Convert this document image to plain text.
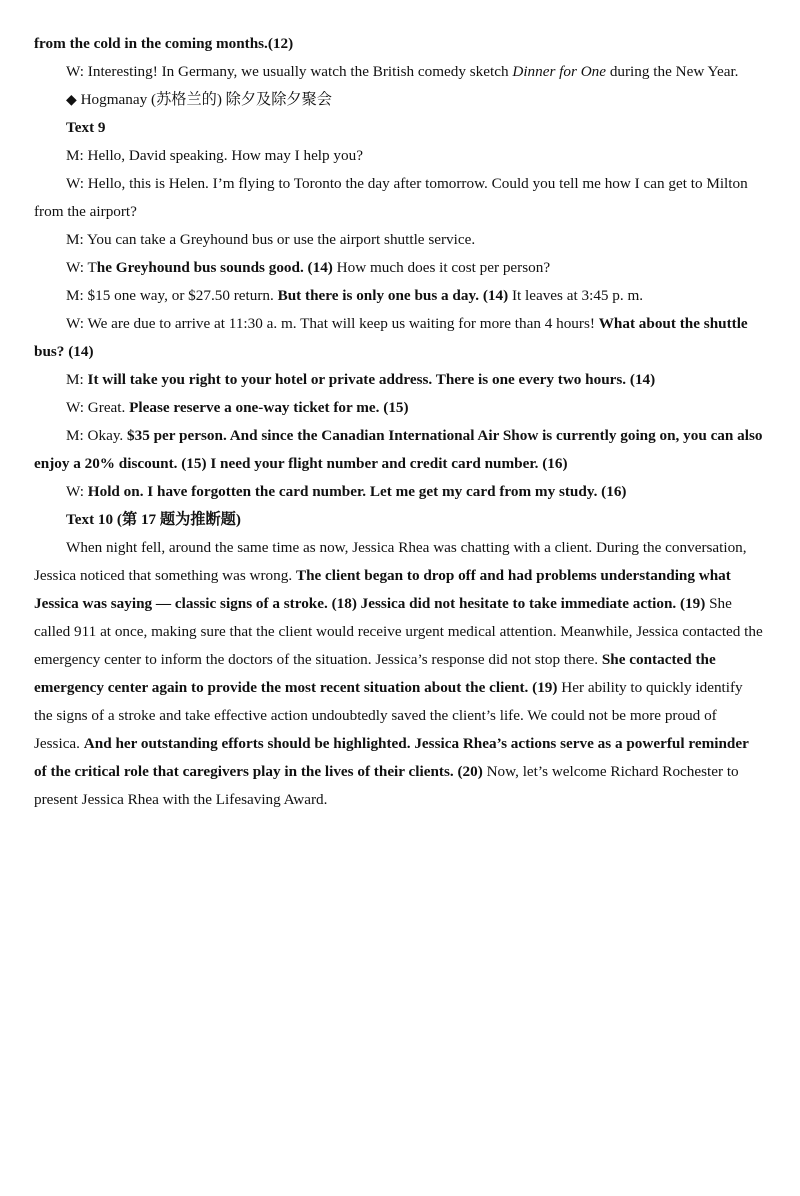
from the cold in the coming months.(12)

W: Interesting! In Germany, we usually watch the British comedy sketch Dinner for One during the New Year.

◆ Hogmanay (苏格兰的) 除夕及除夕聚会

Text 9

M: Hello, David speaking. How may I help you?

W: Hello, this is Helen. I’m flying to Toronto the day after tomorrow. Could you tell me how I can get to Milton from the airport?

M: You can take a Greyhound bus or use the airport shuttle service.

W: The Greyhound bus sounds good. (14) How much does it cost per person?

M: $15 one way, or $27.50 return. But there is only one bus a day. (14) It leaves at 3:45 p. m.

W: We are due to arrive at 11:30 a. m. That will keep us waiting for more than 4 hours! What about the shuttle bus? (14)

M: It will take you right to your hotel or private address. There is one every two hours. (14)

W: Great. Please reserve a one-way ticket for me. (15)

M: Okay. $35 per person. And since the Canadian International Air Show is currently going on, you can also enjoy a 20% discount. (15) I need your flight number and credit card number. (16)

W: Hold on. I have forgotten the card number. Let me get my card from my study. (16)

Text 10 (第 17 题为推断题)

When night fell, around the same time as now, Jessica Rhea was chatting with a client. During the conversation, Jessica noticed that something was wrong. The client began to drop off and had problems understanding what Jessica was saying — classic signs of a stroke. (18) Jessica did not hesitate to take immediate action. (19) She called 911 at once, making sure that the client would receive urgent medical attention. Meanwhile, Jessica contacted the emergency center to inform the doctors of the situation. Jessica’s response did not stop there. She contacted the emergency center again to provide the most recent situation about the client. (19) Her ability to quickly identify the signs of a stroke and take effective action undoubtedly saved the client’s life. We could not be more proud of Jessica. And her outstanding efforts should be highlighted. Jessica Rhea’s actions serve as a powerful reminder of the critical role that caregivers play in the lives of their clients. (20) Now, let’s welcome Richard Rochester to present Jessica Rhea with the Lifesaving Award.
